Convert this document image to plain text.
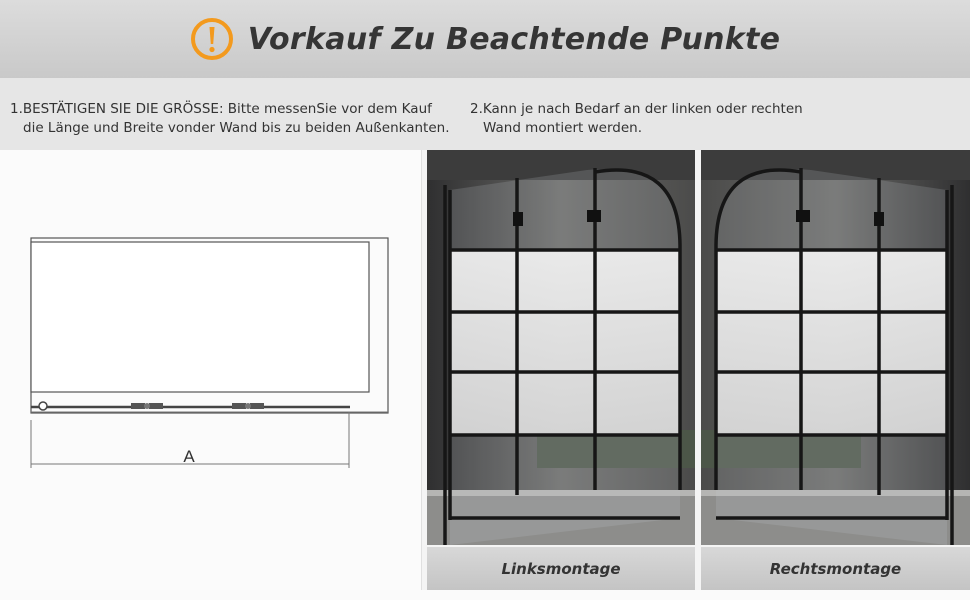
Vorkauf Zu Beachtende Punkte
1.BESTÄTIGEN SIE DIE GRÖSSE: Bitte messenSie vor dem Kauf
die Länge und Breite vonder Wand bis zu beiden Außenkanten.
2.Kann je nach Bedarf an der linken oder rechten
Wand montiert werden.
A
Linksmontage	Rechtsmontage
